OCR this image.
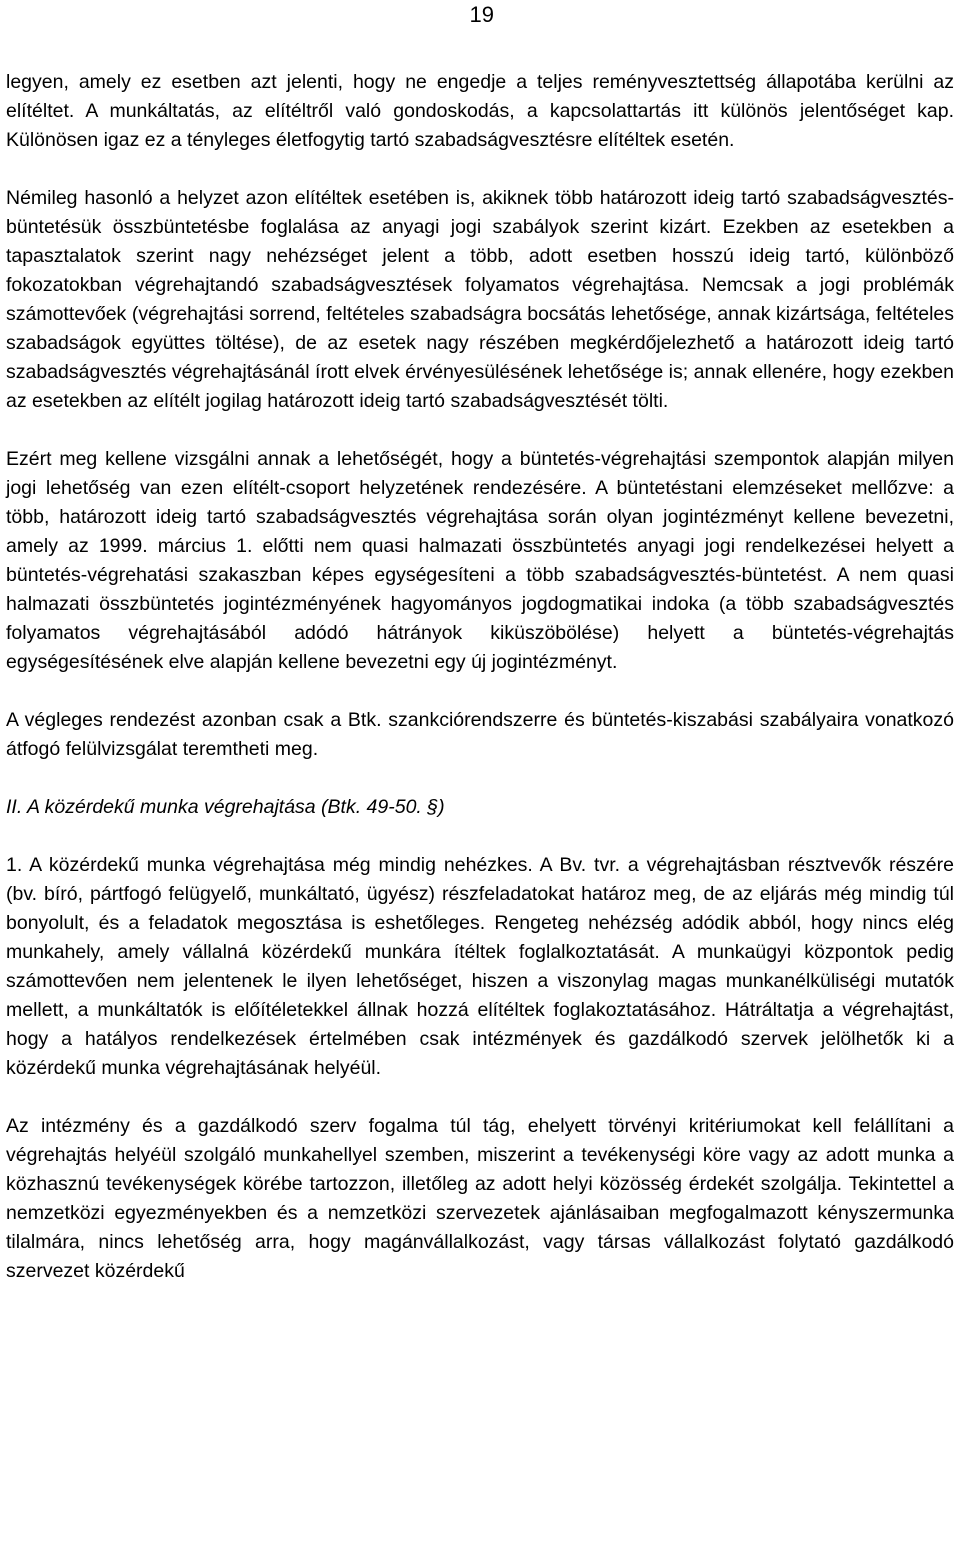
19

legyen, amely ez esetben azt jelenti, hogy ne engedje a teljes reményvesztettség állapotába kerülni az elítéltet. A munkáltatás, az elítéltről való gondoskodás, a kapcsolattartás itt különös jelentőséget kap. Különösen igaz ez a tényleges életfogytig tartó szabadságvesztésre elítéltek esetén.

Némileg hasonló a helyzet azon elítéltek esetében is, akiknek több határozott ideig tartó szabadságvesztés-büntetésük összbüntetésbe foglalása az anyagi jogi szabályok szerint kizárt. Ezekben az esetekben a tapasztalatok szerint nagy nehézséget jelent a több, adott esetben hosszú ideig tartó, különböző fokozatokban végrehajtandó szabadságvesztések folyamatos végrehajtása. Nemcsak a jogi problémák számottevőek (végrehajtási sorrend, feltételes szabadságra bocsátás lehetősége, annak kizártsága, feltételes szabadságok együttes töltése), de az esetek nagy részében megkérdőjelezhető a határozott ideig tartó szabadságvesztés végrehajtásánál írott elvek érvényesülésének lehetősége is; annak ellenére, hogy ezekben az esetekben az elítélt jogilag határozott ideig tartó szabadságvesztését tölti.

Ezért meg kellene vizsgálni annak a lehetőségét, hogy a büntetés-végrehajtási szempontok alapján milyen jogi lehetőség van ezen elítélt-csoport helyzetének rendezésére. A büntetéstani elemzéseket mellőzve: a több, határozott ideig tartó szabadságvesztés végrehajtása során olyan jogintézményt kellene bevezetni, amely az 1999. március 1. előtti nem quasi halmazati összbüntetés anyagi jogi rendelkezései helyett a büntetés-végrehatási szakaszban képes egységesíteni a több szabadságvesztés-büntetést. A nem quasi halmazati összbüntetés jogintézményének hagyományos jogdogmatikai indoka (a több szabadságvesztés folyamatos végrehajtásából adódó hátrányok kiküszöbölése) helyett a büntetés-végrehajtás egységesítésének elve alapján kellene bevezetni egy új jogintézményt.

A végleges rendezést azonban csak a Btk. szankciórendszerre és büntetés-kiszabási szabályaira vonatkozó átfogó felülvizsgálat teremtheti meg.

II. A közérdekű munka végrehajtása (Btk. 49-50. §)

1. A közérdekű munka végrehajtása még mindig nehézkes. A Bv. tvr. a végrehajtásban résztvevők részére (bv. bíró, pártfogó felügyelő, munkáltató, ügyész) részfeladatokat határoz meg, de az eljárás még mindig túl bonyolult, és a feladatok megosztása is eshetőleges. Rengeteg nehézség adódik abból, hogy nincs elég munkahely, amely vállalná közérdekű munkára ítéltek foglalkoztatását. A munkaügyi központok pedig számottevően nem jelentenek le ilyen lehetőséget, hiszen a viszonylag magas munkanélküliségi mutatók mellett, a munkáltatók is előítéletekkel állnak hozzá elítéltek foglakoztatásához. Hátráltatja a végrehajtást, hogy a hatályos rendelkezések értelmében csak intézmények és gazdálkodó szervek jelölhetők ki a közérdekű munka végrehajtásának helyéül.

Az intézmény és a gazdálkodó szerv fogalma túl tág, ehelyett törvényi kritériumokat kell felállítani a végrehajtás helyéül szolgáló munkahellyel szemben, miszerint a tevékenységi köre vagy az adott munka a közhasznú tevékenységek körébe tartozzon, illetőleg az adott helyi közösség érdekét szolgálja. Tekintettel a nemzetközi egyezményekben és a nemzetközi szervezetek ajánlásaiban megfogalmazott kényszermunka tilalmára, nincs lehetőség arra, hogy magánvállalkozást, vagy társas vállalkozást folytató gazdálkodó szervezet közérdekű
